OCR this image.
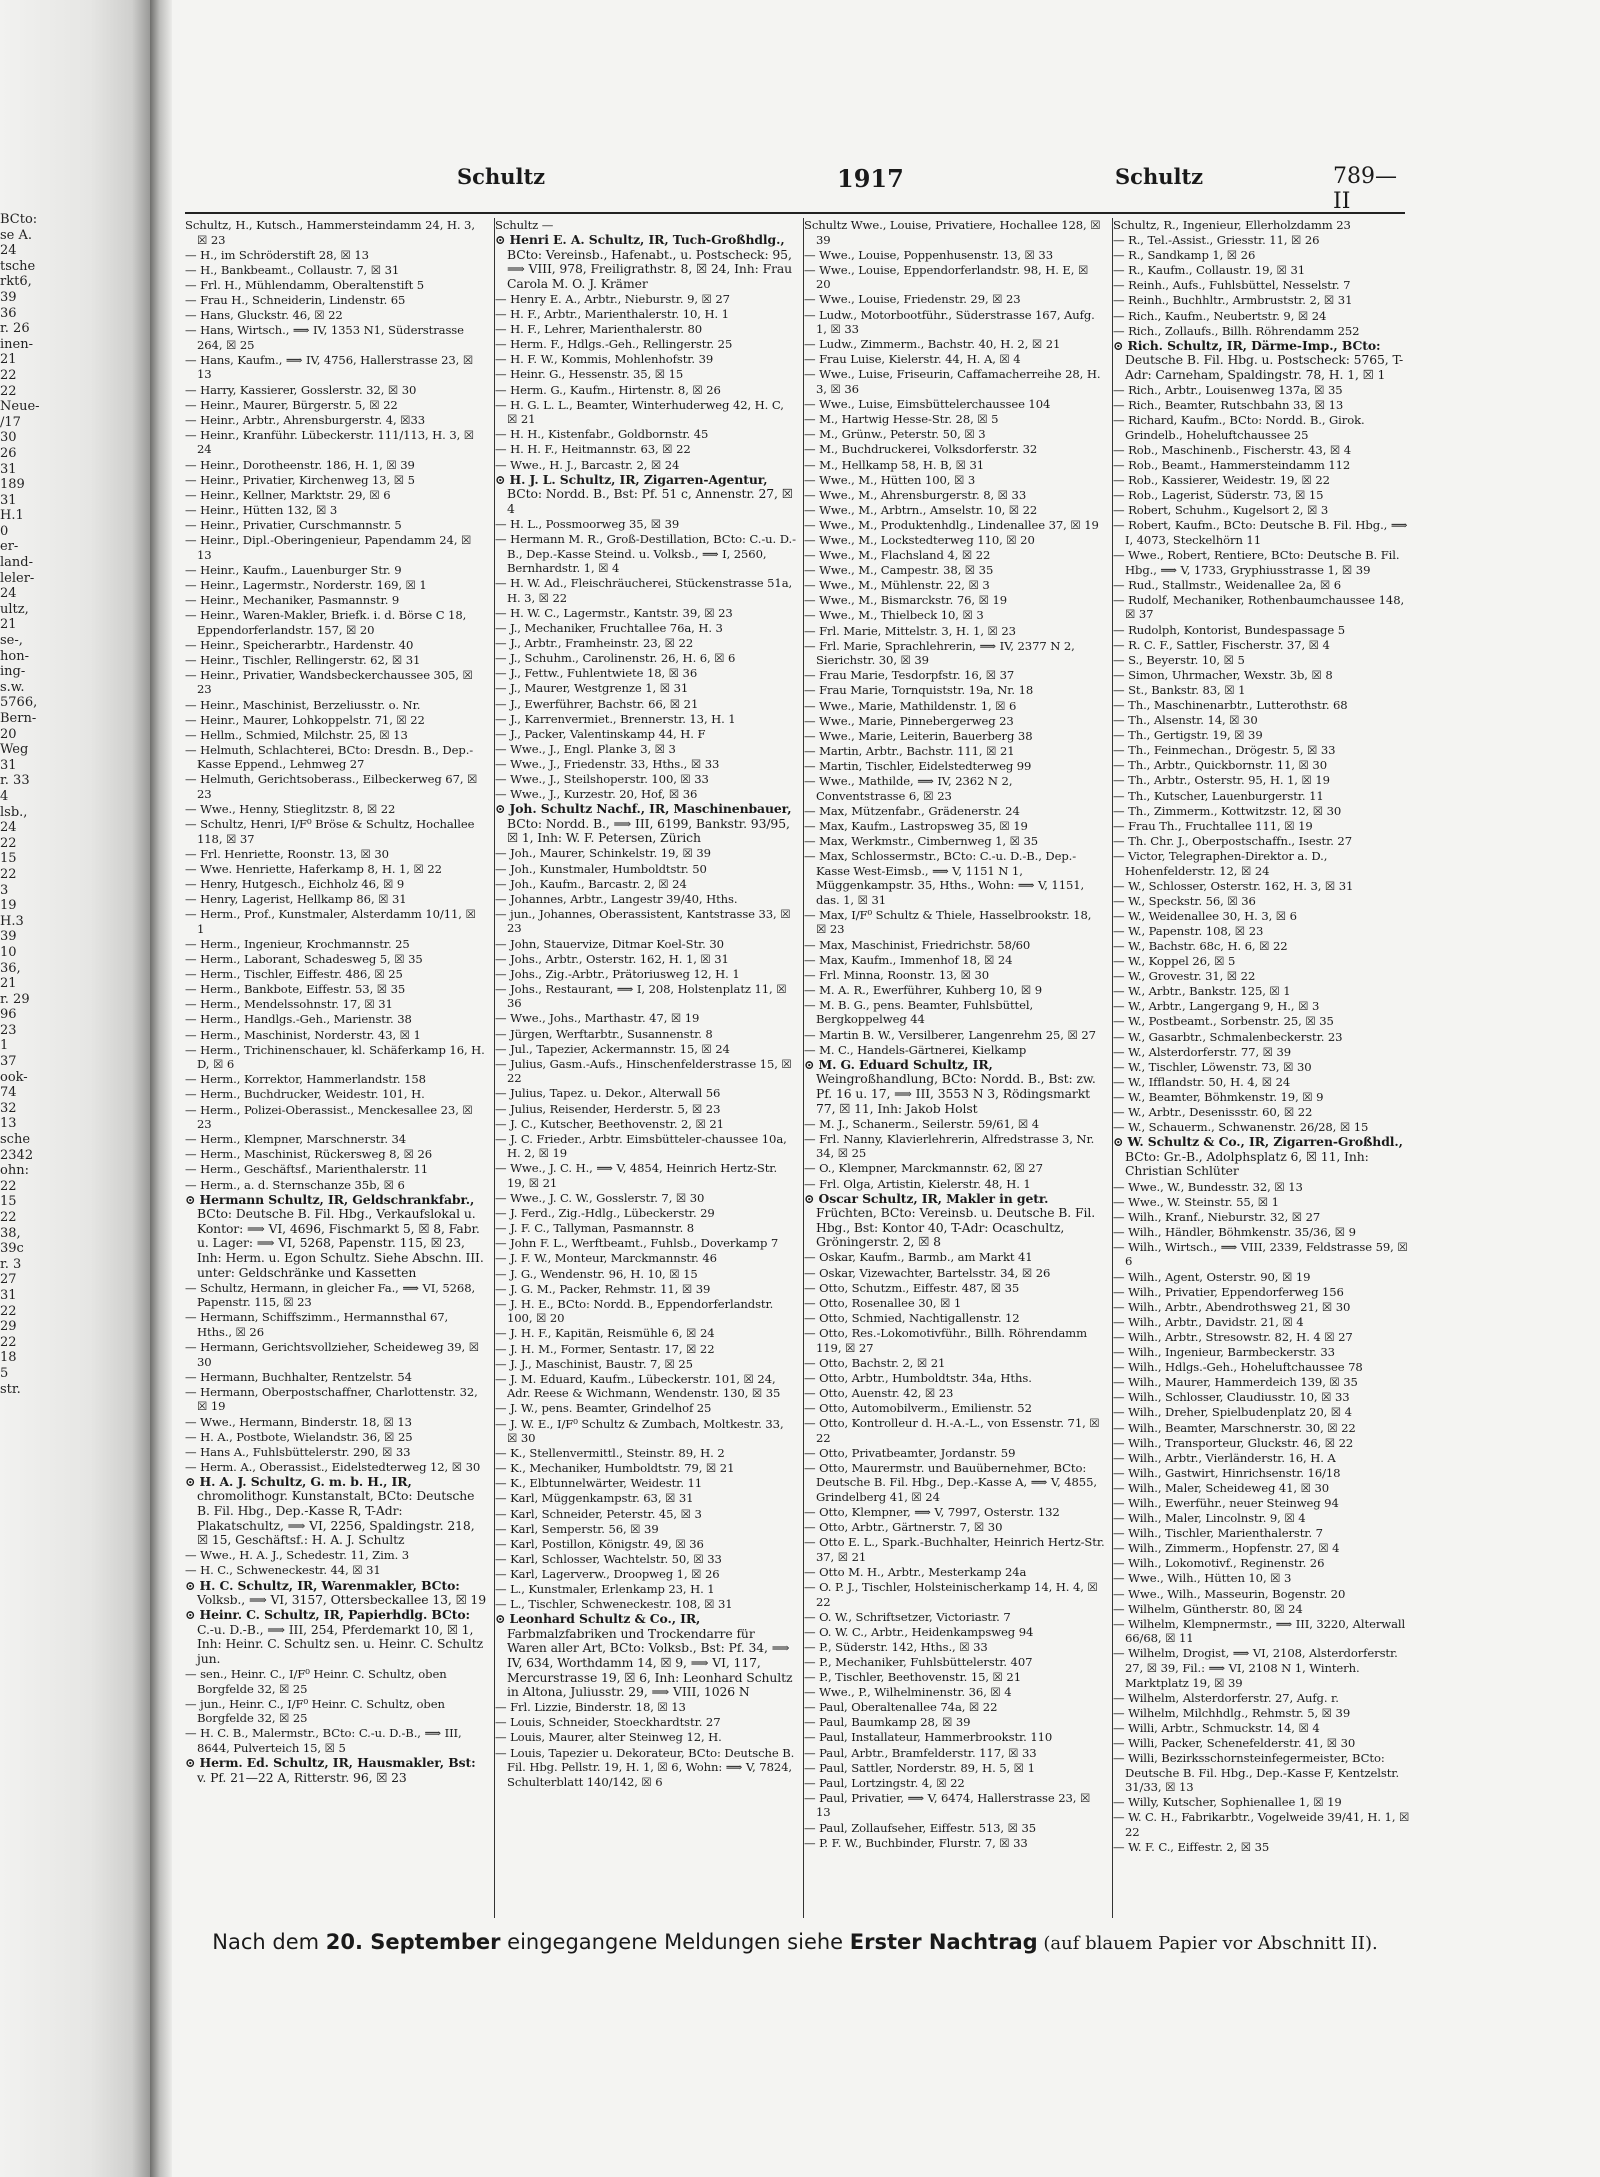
BCto:
se A.
24
tsche
rkt6,
39
36
r. 26
inen-
21
22
22
Neue-
/17
30
26
31
189
31
H.1
0
er-
land-
leler-
24
ultz,
21
se-,
hon-
ing-
s.w.
5766,
Bern-
20
Weg
31
r. 33
4
lsb.,
24
22
15
22
3
19
H.3
39
10
36,
21
r. 29
96
23
1
37
ook-
74
32
13
sche
2342
ohn:
22
15
22
38,
39c
r. 3
27
31
22
29
22
18
5
str.
Schultz	1917	Schultz	789—II
Schultz, H., Kutsch., Hammersteindamm 24, H. 3, ☒ 23
— H., im Schröderstift 28, ☒ 13
— H., Bankbeamt., Collaustr. 7, ☒ 31
— Frl. H., Mühlendamm, Oberaltenstift 5
— Frau H., Schneiderin, Lindenstr. 65
— Hans, Gluckstr. 46, ☒ 22
— Hans, Wirtsch., ⟹ IV, 1353 N1, Süderstrasse 264, ☒ 25
— Hans, Kaufm., ⟹ IV, 4756, Hallerstrasse 23, ☒ 13
— Harry, Kassierer, Gosslerstr. 32, ☒ 30
— Heinr., Maurer, Bürgerstr. 5, ☒ 22
— Heinr., Arbtr., Ahrensburgerstr. 4, ☒33
— Heinr., Kranführ. Lübeckerstr. 111/113, H. 3, ☒ 24
— Heinr., Dorotheenstr. 186, H. 1, ☒ 39
— Heinr., Privatier, Kirchenweg 13, ☒ 5
— Heinr., Kellner, Marktstr. 29, ☒ 6
— Heinr., Hütten 132, ☒ 3
— Heinr., Privatier, Curschmannstr. 5
— Heinr., Dipl.-Oberingenieur, Papendamm 24, ☒ 13
— Heinr., Kaufm., Lauenburger Str. 9
— Heinr., Lagermstr., Norderstr. 169, ☒ 1
— Heinr., Mechaniker, Pasmannstr. 9
— Heinr., Waren-Makler, Briefk. i. d. Börse C 18, Eppendorferlandstr. 157, ☒ 20
— Heinr., Speicherarbtr., Hardenstr. 40
— Heinr., Tischler, Rellingerstr. 62, ☒ 31
— Heinr., Privatier, Wandsbeckerchaussee 305, ☒ 23
— Heinr., Maschinist, Berzeliusstr. o. Nr.
— Heinr., Maurer, Lohkoppelstr. 71, ☒ 22
— Hellm., Schmied, Milchstr. 25, ☒ 13
— Helmuth, Schlachterei, BCto: Dresdn. B., Dep.-Kasse Eppend., Lehmweg 27
— Helmuth, Gerichtsoberass., Eilbeckerweg 67, ☒ 23
— Wwe., Henny, Stieglitzstr. 8, ☒ 22
— Schultz, Henri, I/F⁰ Bröse & Schultz, Hochallee 118, ☒ 37
— Frl. Henriette, Roonstr. 13, ☒ 30
— Wwe. Henriette, Haferkamp 8, H. 1, ☒ 22
— Henry, Hutgesch., Eichholz 46, ☒ 9
— Henry, Lagerist, Hellkamp 86, ☒ 31
— Herm., Prof., Kunstmaler, Alsterdamm 10/11, ☒ 1
— Herm., Ingenieur, Krochmannstr. 25
— Herm., Laborant, Schadesweg 5, ☒ 35
— Herm., Tischler, Eiffestr. 486, ☒ 25
— Herm., Bankbote, Eiffestr. 53, ☒ 35
— Herm., Mendelssohnstr. 17, ☒ 31
— Herm., Handlgs.-Geh., Marienstr. 38
— Herm., Maschinist, Norderstr. 43, ☒ 1
— Herm., Trichinenschauer, kl. Schäferkamp 16, H. D, ☒ 6
— Herm., Korrektor, Hammerlandstr. 158
— Herm., Buchdrucker, Weidestr. 101, H.
— Herm., Polizei-Oberassist., Menckesallee 23, ☒ 23
— Herm., Klempner, Marschnerstr. 34
— Herm., Maschinist, Rückersweg 8, ☒ 26
— Herm., Geschäftsf., Marienthalerstr. 11
— Herm., a. d. Sternschanze 35b, ☒ 6
⊙ Hermann Schultz, IR, Geldschrankfabr., BCto: Deutsche B. Fil. Hbg., Verkaufslokal u. Kontor: ⟹ VI, 4696, Fischmarkt 5, ☒ 8, Fabr. u. Lager: ⟹ VI, 5268, Papenstr. 115, ☒ 23, Inh: Herm. u. Egon Schultz. Siehe Abschn. III. unter: Geldschränke und Kassetten
— Schultz, Hermann, in gleicher Fa., ⟹ VI, 5268, Papenstr. 115, ☒ 23
— Hermann, Schiffszimm., Hermannsthal 67, Hths., ☒ 26
— Hermann, Gerichtsvollzieher, Scheideweg 39, ☒ 30
— Hermann, Buchhalter, Rentzelstr. 54
— Hermann, Oberpostschaffner, Charlottenstr. 32, ☒ 19
— Wwe., Hermann, Binderstr. 18, ☒ 13
— H. A., Postbote, Wielandstr. 36, ☒ 25
— Hans A., Fuhlsbüttelerstr. 290, ☒ 33
— Herm. A., Oberassist., Eidelstedterweg 12, ☒ 30
⊙ H. A. J. Schultz, G. m. b. H., IR, chromolithogr. Kunstanstalt, BCto: Deutsche B. Fil. Hbg., Dep.-Kasse R, T-Adr: Plakatschultz, ⟹ VI, 2256, Spaldingstr. 218, ☒ 15, Geschäftsf.: H. A. J. Schultz
— Wwe., H. A. J., Schedestr. 11, Zim. 3
— H. C., Schweneckestr. 44, ☒ 31
⊙ H. C. Schultz, IR, Warenmakler, BCto: Volksb., ⟹ VI, 3157, Ottersbeckallee 13, ☒ 19
⊙ Heinr. C. Schultz, IR, Papierhdlg. BCto: C.-u. D.-B., ⟹ III, 254, Pferdemarkt 10, ☒ 1, Inh: Heinr. C. Schultz sen. u. Heinr. C. Schultz jun.
— sen., Heinr. C., I/F⁰ Heinr. C. Schultz, oben Borgfelde 32, ☒ 25
— jun., Heinr. C., I/F⁰ Heinr. C. Schultz, oben Borgfelde 32, ☒ 25
— H. C. B., Malermstr., BCto: C.-u. D.-B., ⟹ III, 8644, Pulverteich 15, ☒ 5
⊙ Herm. Ed. Schultz, IR, Hausmakler, Bst: v. Pf. 21—22 A, Ritterstr. 96, ☒ 23
Schultz —
⊙ Henri E. A. Schultz, IR, Tuch-Großhdlg., BCto: Vereinsb., Hafenabt., u. Postscheck: 95, ⟹ VIII, 978, Freiligrathstr. 8, ☒ 24, Inh: Frau Carola M. O. J. Krämer
— Henry E. A., Arbtr., Nieburstr. 9, ☒ 27
— H. F., Arbtr., Marienthalerstr. 10, H. 1
— H. F., Lehrer, Marienthalerstr. 80
— Herm. F., Hdlgs.-Geh., Rellingerstr. 25
— H. F. W., Kommis, Mohlenhofstr. 39
— Heinr. G., Hessenstr. 35, ☒ 15
— Herm. G., Kaufm., Hirtenstr. 8, ☒ 26
— H. G. L. L., Beamter, Winterhuderweg 42, H. C, ☒ 21
— H. H., Kistenfabr., Goldbornstr. 45
— H. H. F., Heitmannstr. 63, ☒ 22
— Wwe., H. J., Barcastr. 2, ☒ 24
⊙ H. J. L. Schultz, IR, Zigarren-Agentur, BCto: Nordd. B., Bst: Pf. 51 c, Annenstr. 27, ☒ 4
— H. L., Possmoorweg 35, ☒ 39
— Hermann M. R., Groß-Destillation, BCto: C.-u. D.-B., Dep.-Kasse Steind. u. Volksb., ⟹ I, 2560, Bernhardstr. 1, ☒ 4
— H. W. Ad., Fleischräucherei, Stückenstrasse 51a, H. 3, ☒ 22
— H. W. C., Lagermstr., Kantstr. 39, ☒ 23
— J., Mechaniker, Fruchtallee 76a, H. 3
— J., Arbtr., Framheinstr. 23, ☒ 22
— J., Schuhm., Carolinenstr. 26, H. 6, ☒ 6
— J., Fettw., Fuhlentwiete 18, ☒ 36
— J., Maurer, Westgrenze 1, ☒ 31
— J., Ewerführer, Bachstr. 66, ☒ 21
— J., Karrenvermiet., Brennerstr. 13, H. 1
— J., Packer, Valentinskamp 44, H. F
— Wwe., J., Engl. Planke 3, ☒ 3
— Wwe., J., Friedenstr. 33, Hths., ☒ 33
— Wwe., J., Steilshoperstr. 100, ☒ 33
— Wwe., J., Kurzestr. 20, Hof, ☒ 36
⊙ Joh. Schultz Nachf., IR, Maschinenbauer, BCto: Nordd. B., ⟹ III, 6199, Bankstr. 93/95, ☒ 1, Inh: W. F. Petersen, Zürich
— Joh., Maurer, Schinkelstr. 19, ☒ 39
— Joh., Kunstmaler, Humboldtstr. 50
— Joh., Kaufm., Barcastr. 2, ☒ 24
— Johannes, Arbtr., Langestr 39/40, Hths.
— jun., Johannes, Oberassistent, Kantstrasse 33, ☒ 23
— John, Stauervize, Ditmar Koel-Str. 30
— Johs., Arbtr., Osterstr. 162, H. 1, ☒ 31
— Johs., Zig.-Arbtr., Prätoriusweg 12, H. 1
— Johs., Restaurant, ⟹ I, 208, Holstenplatz 11, ☒ 36
— Wwe., Johs., Marthastr. 47, ☒ 19
— Jürgen, Werftarbtr., Susannenstr. 8
— Jul., Tapezier, Ackermannstr. 15, ☒ 24
— Julius, Gasm.-Aufs., Hinschenfelderstrasse 15, ☒ 22
— Julius, Tapez. u. Dekor., Alterwall 56
— Julius, Reisender, Herderstr. 5, ☒ 23
— J. C., Kutscher, Beethovenstr. 2, ☒ 21
— J. C. Frieder., Arbtr. Eimsbütteler-chaussee 10a, H. 2, ☒ 19
— Wwe., J. C. H., ⟹ V, 4854, Heinrich Hertz-Str. 19, ☒ 21
— Wwe., J. C. W., Gosslerstr. 7, ☒ 30
— J. Ferd., Zig.-Hdlg., Lübeckerstr. 29
— J. F. C., Tallyman, Pasmannstr. 8
— John F. L., Werftbeamt., Fuhlsb., Doverkamp 7
— J. F. W., Monteur, Marckmannstr. 46
— J. G., Wendenstr. 96, H. 10, ☒ 15
— J. G. M., Packer, Rehmstr. 11, ☒ 39
— J. H. E., BCto: Nordd. B., Eppendorferlandstr. 100, ☒ 20
— J. H. F., Kapitän, Reismühle 6, ☒ 24
— J. H. M., Former, Sentastr. 17, ☒ 22
— J. J., Maschinist, Baustr. 7, ☒ 25
— J. M. Eduard, Kaufm., Lübeckerstr. 101, ☒ 24, Adr. Reese & Wichmann, Wendenstr. 130, ☒ 35
— J. W., pens. Beamter, Grindelhof 25
— J. W. E., I/F⁰ Schultz & Zumbach, Moltkestr. 33, ☒ 30
— K., Stellenvermittl., Steinstr. 89, H. 2
— K., Mechaniker, Humboldtstr. 79, ☒ 21
— K., Elbtunnelwärter, Weidestr. 11
— Karl, Müggenkampstr. 63, ☒ 31
— Karl, Schneider, Peterstr. 45, ☒ 3
— Karl, Semperstr. 56, ☒ 39
— Karl, Postillon, Königstr. 49, ☒ 36
— Karl, Schlosser, Wachtelstr. 50, ☒ 33
— Karl, Lagerverw., Droopweg 1, ☒ 26
— L., Kunstmaler, Erlenkamp 23, H. 1
— L., Tischler, Schweneckestr. 108, ☒ 31
⊙ Leonhard Schultz & Co., IR, Farbmalzfabriken und Trockendarre für Waren aller Art, BCto: Volksb., Bst: Pf. 34, ⟹ IV, 634, Worthdamm 14, ☒ 9, ⟹ VI, 117, Mercurstrasse 19, ☒ 6, Inh: Leonhard Schultz in Altona, Juliusstr. 29, ⟹ VIII, 1026 N
— Frl. Lizzie, Binderstr. 18, ☒ 13
— Louis, Schneider, Stoeckhardtstr. 27
— Louis, Maurer, alter Steinweg 12, H.
— Louis, Tapezier u. Dekorateur, BCto: Deutsche B. Fil. Hbg. Pellstr. 19, H. 1, ☒ 6, Wohn: ⟹ V, 7824, Schulterblatt 140/142, ☒ 6
Schultz Wwe., Louise, Privatiere, Hochallee 128, ☒ 39
— Wwe., Louise, Poppenhusenstr. 13, ☒ 33
— Wwe., Louise, Eppendorferlandstr. 98, H. E, ☒ 20
— Wwe., Louise, Friedenstr. 29, ☒ 23
— Ludw., Motorbootführ., Süderstrasse 167, Aufg. 1, ☒ 33
— Ludw., Zimmerm., Bachstr. 40, H. 2, ☒ 21
— Frau Luise, Kielerstr. 44, H. A, ☒ 4
— Wwe., Luise, Friseurin, Caffamacherreihe 28, H. 3, ☒ 36
— Wwe., Luise, Eimsbüttelerchaussee 104
— M., Hartwig Hesse-Str. 28, ☒ 5
— M., Grünw., Peterstr. 50, ☒ 3
— M., Buchdruckerei, Volksdorferstr. 32
— M., Hellkamp 58, H. B, ☒ 31
— Wwe., M., Hütten 100, ☒ 3
— Wwe., M., Ahrensburgerstr. 8, ☒ 33
— Wwe., M., Arbtrn., Amselstr. 10, ☒ 22
— Wwe., M., Produktenhdlg., Lindenallee 37, ☒ 19
— Wwe., M., Lockstedterweg 110, ☒ 20
— Wwe., M., Flachsland 4, ☒ 22
— Wwe., M., Campestr. 38, ☒ 35
— Wwe., M., Mühlenstr. 22, ☒ 3
— Wwe., M., Bismarckstr. 76, ☒ 19
— Wwe., M., Thielbeck 10, ☒ 3
— Frl. Marie, Mittelstr. 3, H. 1, ☒ 23
— Frl. Marie, Sprachlehrerin, ⟹ IV, 2377 N 2, Sierichstr. 30, ☒ 39
— Frau Marie, Tesdorpfstr. 16, ☒ 37
— Frau Marie, Tornquiststr. 19a, Nr. 18
— Wwe., Marie, Mathildenstr. 1, ☒ 6
— Wwe., Marie, Pinnebergerweg 23
— Wwe., Marie, Leiterin, Bauerberg 38
— Martin, Arbtr., Bachstr. 111, ☒ 21
— Martin, Tischler, Eidelstedterweg 99
— Wwe., Mathilde, ⟹ IV, 2362 N 2, Conventstrasse 6, ☒ 23
— Max, Mützenfabr., Grädenerstr. 24
— Max, Kaufm., Lastropsweg 35, ☒ 19
— Max, Werkmstr., Cimbernweg 1, ☒ 35
— Max, Schlossermstr., BCto: C.-u. D.-B., Dep.-Kasse West-Eimsb., ⟹ V, 1151 N 1, Müggenkampstr. 35, Hths., Wohn: ⟹ V, 1151, das. 1, ☒ 31
— Max, I/F⁰ Schultz & Thiele, Hasselbrookstr. 18, ☒ 23
— Max, Maschinist, Friedrichstr. 58/60
— Max, Kaufm., Immenhof 18, ☒ 24
— Frl. Minna, Roonstr. 13, ☒ 30
— M. A. R., Ewerführer, Kuhberg 10, ☒ 9
— M. B. G., pens. Beamter, Fuhlsbüttel, Bergkoppelweg 44
— Martin B. W., Versilberer, Langenrehm 25, ☒ 27
— M. C., Handels-Gärtnerei, Kielkamp
⊙ M. G. Eduard Schultz, IR, Weingroßhandlung, BCto: Nordd. B., Bst: zw. Pf. 16 u. 17, ⟹ III, 3553 N 3, Rödingsmarkt 77, ☒ 11, Inh: Jakob Holst
— M. J., Schanerm., Seilerstr. 59/61, ☒ 4
— Frl. Nanny, Klavierlehrerin, Alfredstrasse 3, Nr. 34, ☒ 25
— O., Klempner, Marckmannstr. 62, ☒ 27
— Frl. Olga, Artistin, Kielerstr. 48, H. 1
⊙ Oscar Schultz, IR, Makler in getr. Früchten, BCto: Vereinsb. u. Deutsche B. Fil. Hbg., Bst: Kontor 40, T-Adr: Ocaschultz, Gröningerstr. 2, ☒ 8
— Oskar, Kaufm., Barmb., am Markt 41
— Oskar, Vizewachter, Bartelsstr. 34, ☒ 26
— Otto, Schutzm., Eiffestr. 487, ☒ 35
— Otto, Rosenallee 30, ☒ 1
— Otto, Schmied, Nachtigallenstr. 12
— Otto, Res.-Lokomotivführ., Billh. Röhrendamm 119, ☒ 27
— Otto, Bachstr. 2, ☒ 21
— Otto, Arbtr., Humboldtstr. 34a, Hths.
— Otto, Auenstr. 42, ☒ 23
— Otto, Automobilverm., Emilienstr. 52
— Otto, Kontrolleur d. H.-A.-L., von Essenstr. 71, ☒ 22
— Otto, Privatbeamter, Jordanstr. 59
— Otto, Maurermstr. und Bauübernehmer, BCto: Deutsche B. Fil. Hbg., Dep.-Kasse A, ⟹ V, 4855, Grindelberg 41, ☒ 24
— Otto, Klempner, ⟹ V, 7997, Osterstr. 132
— Otto, Arbtr., Gärtnerstr. 7, ☒ 30
— Otto E. L., Spark.-Buchhalter, Heinrich Hertz-Str. 37, ☒ 21
— Otto M. H., Arbtr., Mesterkamp 24a
— O. P. J., Tischler, Holsteinischerkamp 14, H. 4, ☒ 22
— O. W., Schriftsetzer, Victoriastr. 7
— O. W. C., Arbtr., Heidenkampsweg 94
— P., Süderstr. 142, Hths., ☒ 33
— P., Mechaniker, Fuhlsbüttelerstr. 407
— P., Tischler, Beethovenstr. 15, ☒ 21
— Wwe., P., Wilhelminenstr. 36, ☒ 4
— Paul, Oberaltenallee 74a, ☒ 22
— Paul, Baumkamp 28, ☒ 39
— Paul, Installateur, Hammerbrookstr. 110
— Paul, Arbtr., Bramfelderstr. 117, ☒ 33
— Paul, Sattler, Norderstr. 89, H. 5, ☒ 1
— Paul, Lortzingstr. 4, ☒ 22
— Paul, Privatier, ⟹ V, 6474, Hallerstrasse 23, ☒ 13
— Paul, Zollaufseher, Eiffestr. 513, ☒ 35
— P. F. W., Buchbinder, Flurstr. 7, ☒ 33
Schultz, R., Ingenieur, Ellerholzdamm 23
— R., Tel.-Assist., Griesstr. 11, ☒ 26
— R., Sandkamp 1, ☒ 26
— R., Kaufm., Collaustr. 19, ☒ 31
— Reinh., Aufs., Fuhlsbüttel, Nesselstr. 7
— Reinh., Buchhltr., Armbruststr. 2, ☒ 31
— Rich., Kaufm., Neubertstr. 9, ☒ 24
— Rich., Zollaufs., Billh. Röhrendamm 252
⊙ Rich. Schultz, IR, Därme-Imp., BCto: Deutsche B. Fil. Hbg. u. Postscheck: 5765, T-Adr: Carneham, Spaldingstr. 78, H. 1, ☒ 1
— Rich., Arbtr., Louisenweg 137a, ☒ 35
— Rich., Beamter, Rutschbahn 33, ☒ 13
— Richard, Kaufm., BCto: Nordd. B., Girok. Grindelb., Hoheluftchaussee 25
— Rob., Maschinenb., Fischerstr. 43, ☒ 4
— Rob., Beamt., Hammersteindamm 112
— Rob., Kassierer, Weidestr. 19, ☒ 22
— Rob., Lagerist, Süderstr. 73, ☒ 15
— Robert, Schuhm., Kugelsort 2, ☒ 3
— Robert, Kaufm., BCto: Deutsche B. Fil. Hbg., ⟹ I, 4073, Steckelhörn 11
— Wwe., Robert, Rentiere, BCto: Deutsche B. Fil. Hbg., ⟹ V, 1733, Gryphiusstrasse 1, ☒ 39
— Rud., Stallmstr., Weidenallee 2a, ☒ 6
— Rudolf, Mechaniker, Rothenbaumchaussee 148, ☒ 37
— Rudolph, Kontorist, Bundespassage 5
— R. C. F., Sattler, Fischerstr. 37, ☒ 4
— S., Beyerstr. 10, ☒ 5
— Simon, Uhrmacher, Wexstr. 3b, ☒ 8
— St., Bankstr. 83, ☒ 1
— Th., Maschinenarbtr., Lutterothstr. 68
— Th., Alsenstr. 14, ☒ 30
— Th., Gertigstr. 19, ☒ 39
— Th., Feinmechan., Drögestr. 5, ☒ 33
— Th., Arbtr., Quickbornstr. 11, ☒ 30
— Th., Arbtr., Osterstr. 95, H. 1, ☒ 19
— Th., Kutscher, Lauenburgerstr. 11
— Th., Zimmerm., Kottwitzstr. 12, ☒ 30
— Frau Th., Fruchtallee 111, ☒ 19
— Th. Chr. J., Oberpostschaffn., Isestr. 27
— Victor, Telegraphen-Direktor a. D., Hohenfelderstr. 12, ☒ 24
— W., Schlosser, Osterstr. 162, H. 3, ☒ 31
— W., Speckstr. 56, ☒ 36
— W., Weidenallee 30, H. 3, ☒ 6
— W., Papenstr. 108, ☒ 23
— W., Bachstr. 68c, H. 6, ☒ 22
— W., Koppel 26, ☒ 5
— W., Grovestr. 31, ☒ 22
— W., Arbtr., Bankstr. 125, ☒ 1
— W., Arbtr., Langergang 9, H., ☒ 3
— W., Postbeamt., Sorbenstr. 25, ☒ 35
— W., Gasarbtr., Schmalenbeckerstr. 23
— W., Alsterdorferstr. 77, ☒ 39
— W., Tischler, Löwenstr. 73, ☒ 30
— W., Ifflandstr. 50, H. 4, ☒ 24
— W., Beamter, Böhmkenstr. 19, ☒ 9
— W., Arbtr., Desenissstr. 60, ☒ 22
— W., Schauerm., Schwanenstr. 26/28, ☒ 15
⊙ W. Schultz & Co., IR, Zigarren-Großhdl., BCto: Gr.-B., Adolphsplatz 6, ☒ 11, Inh: Christian Schlüter
— Wwe., W., Bundesstr. 32, ☒ 13
— Wwe., W. Steinstr. 55, ☒ 1
— Wilh., Kranf., Nieburstr. 32, ☒ 27
— Wilh., Händler, Böhmkenstr. 35/36, ☒ 9
— Wilh., Wirtsch., ⟹ VIII, 2339, Feldstrasse 59, ☒ 6
— Wilh., Agent, Osterstr. 90, ☒ 19
— Wilh., Privatier, Eppendorferweg 156
— Wilh., Arbtr., Abendrothsweg 21, ☒ 30
— Wilh., Arbtr., Davidstr. 21, ☒ 4
— Wilh., Arbtr., Stresowstr. 82, H. 4 ☒ 27
— Wilh., Ingenieur, Barmbeckerstr. 33
— Wilh., Hdlgs.-Geh., Hoheluftchaussee 78
— Wilh., Maurer, Hammerdeich 139, ☒ 35
— Wilh., Schlosser, Claudiusstr. 10, ☒ 33
— Wilh., Dreher, Spielbudenplatz 20, ☒ 4
— Wilh., Beamter, Marschnerstr. 30, ☒ 22
— Wilh., Transporteur, Gluckstr. 46, ☒ 22
— Wilh., Arbtr., Vierländerstr. 16, H. A
— Wilh., Gastwirt, Hinrichsenstr. 16/18
— Wilh., Maler, Scheideweg 41, ☒ 30
— Wilh., Ewerführ., neuer Steinweg 94
— Wilh., Maler, Lincolnstr. 9, ☒ 4
— Wilh., Tischler, Marienthalerstr. 7
— Wilh., Zimmerm., Hopfenstr. 27, ☒ 4
— Wilh., Lokomotivf., Reginenstr. 26
— Wwe., Wilh., Hütten 10, ☒ 3
— Wwe., Wilh., Masseurin, Bogenstr. 20
— Wilhelm, Güntherstr. 80, ☒ 24
— Wilhelm, Klempnermstr., ⟹ III, 3220, Alterwall 66/68, ☒ 11
— Wilhelm, Drogist, ⟹ VI, 2108, Alsterdorferstr. 27, ☒ 39, Fil.: ⟹ VI, 2108 N 1, Winterh. Marktplatz 19, ☒ 39
— Wilhelm, Alsterdorferstr. 27, Aufg. r.
— Wilhelm, Milchhdlg., Rehmstr. 5, ☒ 39
— Willi, Arbtr., Schmuckstr. 14, ☒ 4
— Willi, Packer, Schenefelderstr. 41, ☒ 30
— Willi, Bezirksschornsteinfegermeister, BCto: Deutsche B. Fil. Hbg., Dep.-Kasse F, Kentzelstr. 31/33, ☒ 13
— Willy, Kutscher, Sophienallee 1, ☒ 19
— W. C. H., Fabrikarbtr., Vogelweide 39/41, H. 1, ☒ 22
— W. F. C., Eiffestr. 2, ☒ 35
Nach dem 20. September eingegangene Meldungen siehe Erster Nachtrag (auf blauem Papier vor Abschnitt II).
